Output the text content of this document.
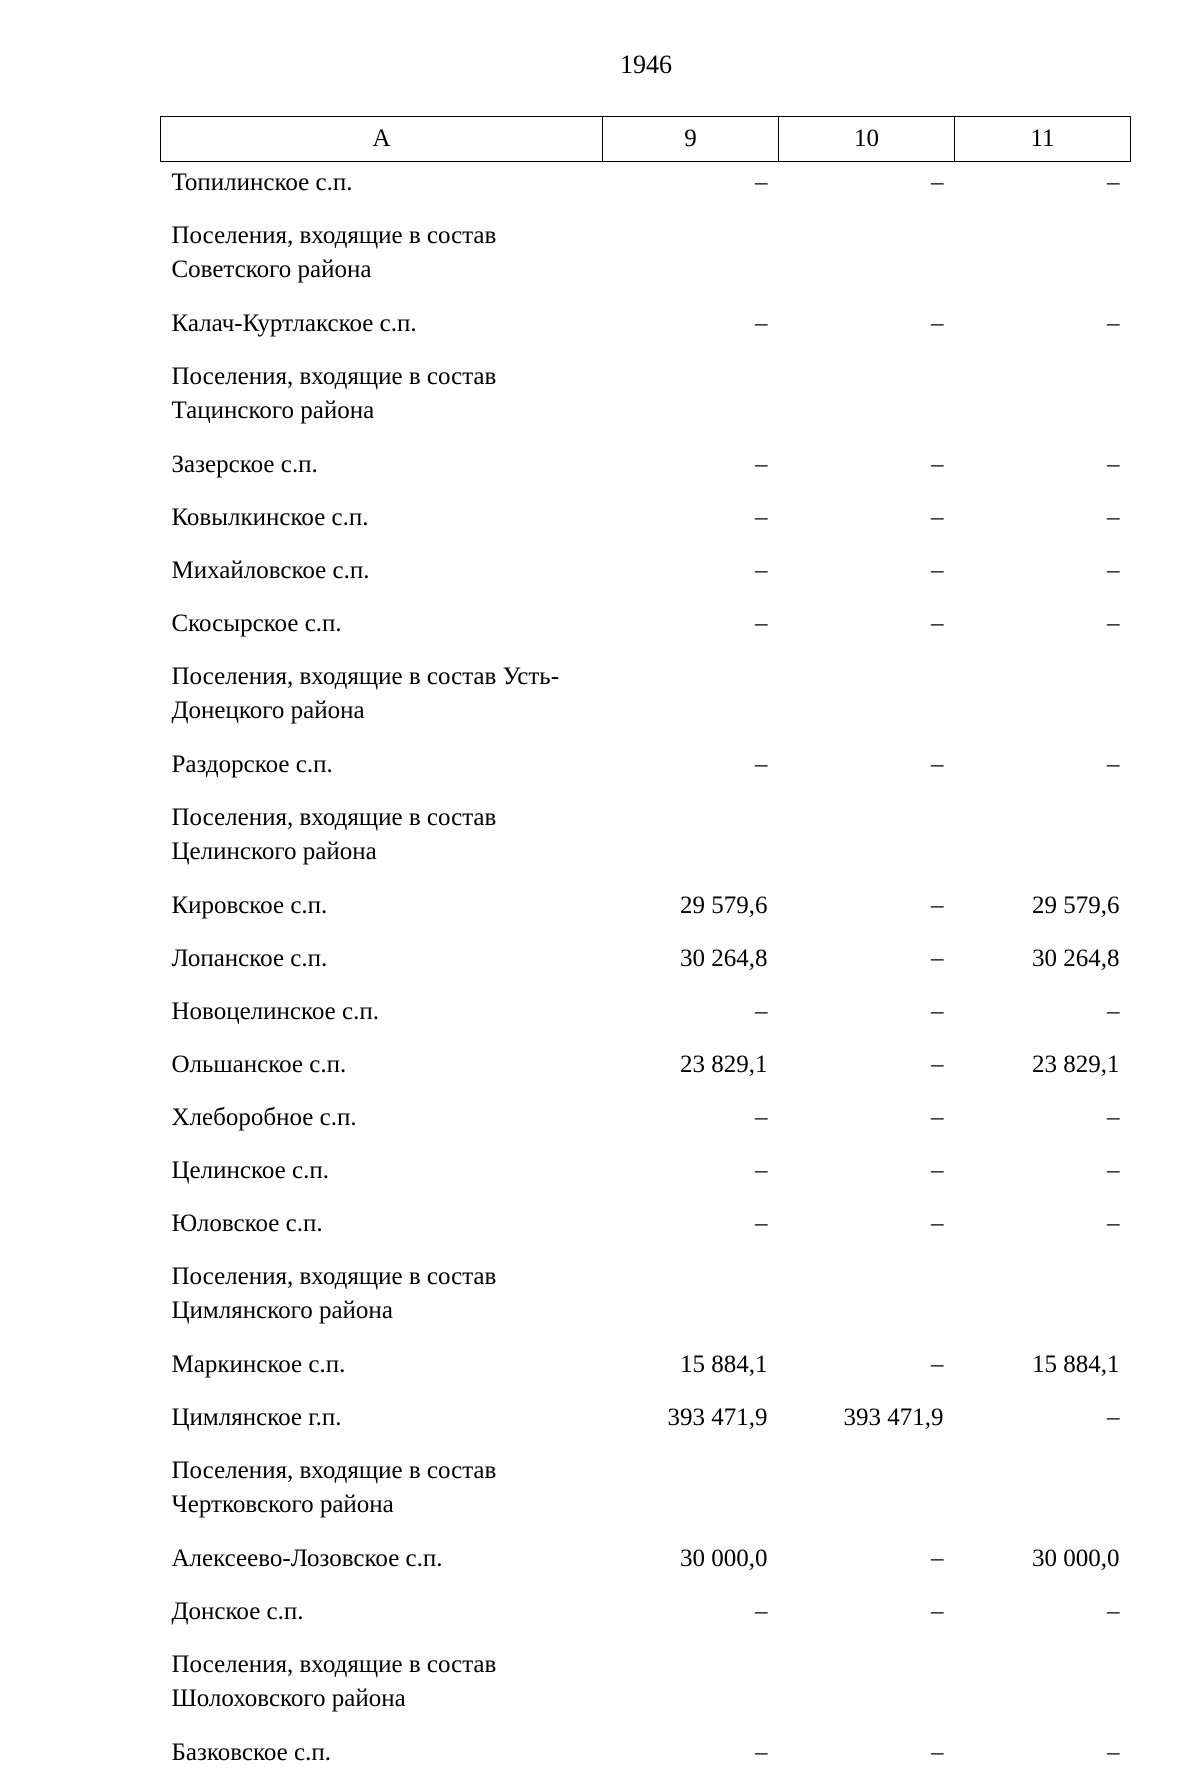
1946
А	9	10	11
Топилинское с.п.	–	–	–
Поселения, входящие в состав Советского района			
Калач-Куртлакское с.п.	–	–	–
Поселения, входящие в состав Тацинского района			
Зазерское с.п.	–	–	–
Ковылкинское с.п.	–	–	–
Михайловское с.п.	–	–	–
Скосырское с.п.	–	–	–
Поселения, входящие в состав Усть-Донецкого района			
Раздорское с.п.	–	–	–
Поселения, входящие в состав Целинского района			
Кировское с.п.	29 579,6	–	29 579,6
Лопанское с.п.	30 264,8	–	30 264,8
Новоцелинское с.п.	–	–	–
Ольшанское с.п.	23 829,1	–	23 829,1
Хлеборобное с.п.	–	–	–
Целинское с.п.	–	–	–
Юловское с.п.	–	–	–
Поселения, входящие в состав Цимлянского района			
Маркинское с.п.	15 884,1	–	15 884,1
Цимлянское г.п.	393 471,9	393 471,9	–
Поселения, входящие в состав Чертковского района			
Алексеево-Лозовское с.п.	30 000,0	–	30 000,0
Донское с.п.	–	–	–
Поселения, входящие в состав Шолоховского района			
Базковское с.п.	–	–	–
